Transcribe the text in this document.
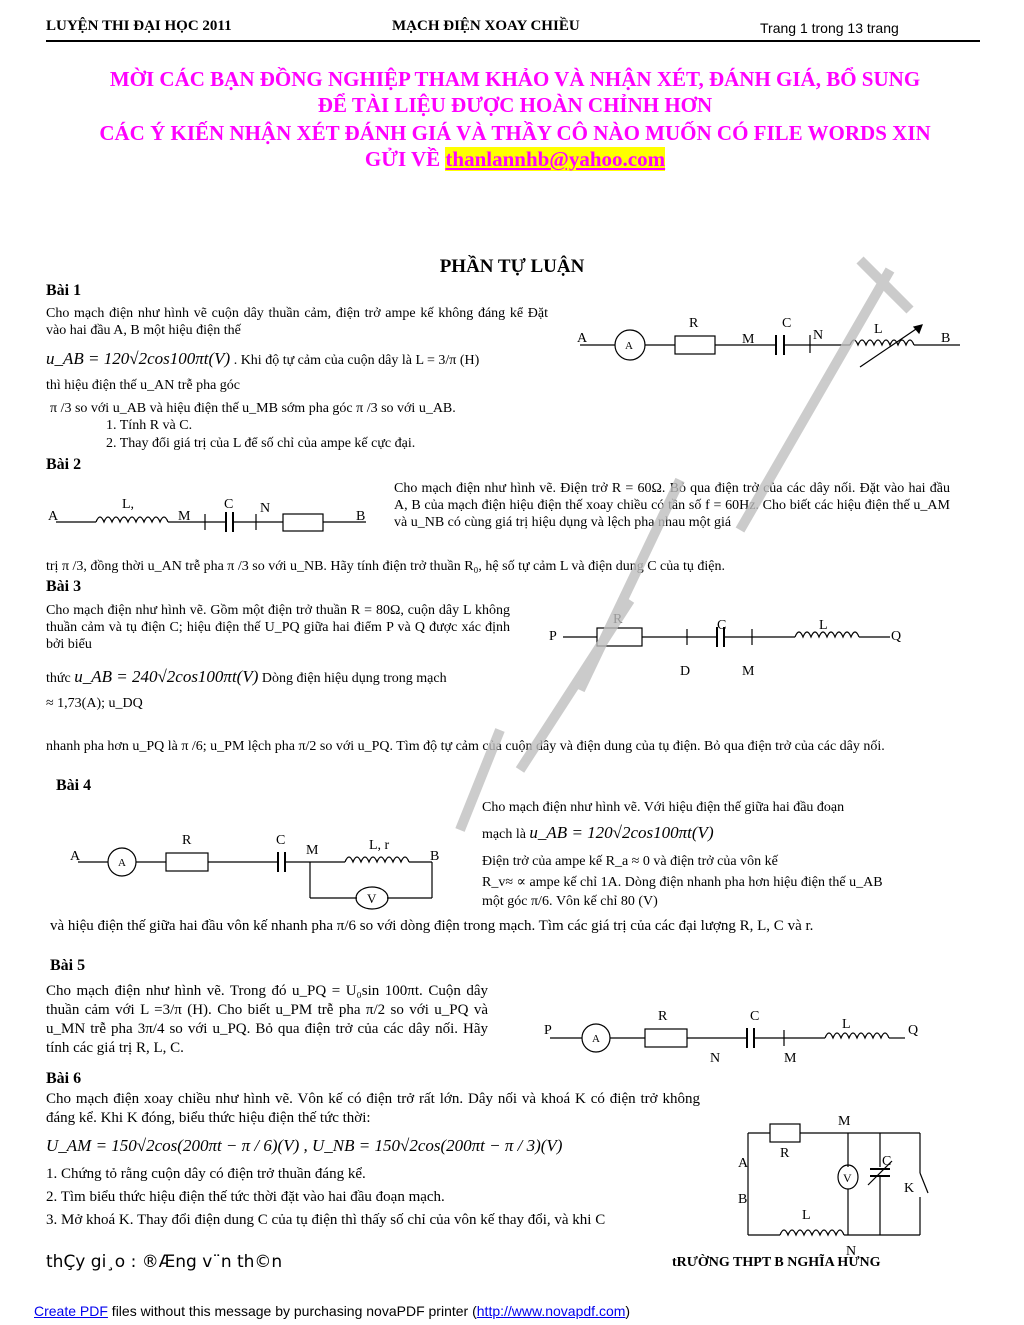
LUYỆN THI ĐẠI HỌC 2011	MẠCH ĐIỆN XOAY CHIỀU	Trang 1 trong 13 trang
MỜI CÁC BẠN ĐỒNG NGHIỆP THAM KHẢO VÀ NHẬN XÉT, ĐÁNH GIÁ, BỔ SUNG
ĐỂ TÀI LIỆU ĐƯỢC HOÀN CHỈNH HƠN
CÁC Ý KIẾN NHẬN XÉT ĐÁNH GIÁ VÀ THẦY CÔ NÀO MUỐN CÓ FILE WORDS XIN
GỬI VỀ thanlannhb@yahoo.com
PHẦN TỰ LUẬN
Bài 1
Cho mạch điện như hình vẽ cuộn dây thuần cảm, điện trở ampe kế không đáng kể Đặt vào hai đầu A, B một hiệu điện thế
u_AB = 120√2cos100πt(V) . Khi độ tự cảm của cuộn dây là L = 3/π (H)
thì hiệu điện thế u_AN trễ pha góc
π /3 so với u_AB và hiệu điện thế u_MB sớm pha góc π /3 so với u_AB.
1. Tính R và C.
2. Thay đổi giá trị của L để số chỉ của ampe kế cực đại.
A	A
R
M
C
N	L
B
Bài 2
A
L,
M
C N
B
Cho mạch điện như hình vẽ. Điện trở R = 60Ω. Bỏ qua điện trở của các dây nối. Đặt vào hai đầu A, B của mạch điện hiệu điện thế xoay chiều có tần số f = 60Hz. Cho biết các hiệu điện thế u_AM và u_NB có cùng giá trị hiệu dụng và lệch pha nhau một giá
trị π /3, đồng thời u_AN trễ pha π /3 so với u_NB. Hãy tính điện trở thuần R₀, hệ số tự cảm L và điện dung C của tụ điện.
Bài 3
Cho mạch điện như hình vẽ. Gồm một điện trở thuần R = 80Ω, cuộn dây L không thuần cảm và tụ điện C; hiệu điện thế U_PQ giữa hai điểm P và Q được xác định bởi biểu
thức u_AB = 240√2cos100πt(V) Dòng điện hiệu dụng trong mạch
≈ 1,73(A); u_DQ
P
R	C	L
Q
D	M
nhanh pha hơn u_PQ là π /6; u_PM lệch pha π/2 so với u_PQ. Tìm độ tự cảm của cuộn dây và điện dung của tụ điện. Bỏ qua điện trở của các dây nối.
Bài 4
Cho mạch điện như hình vẽ. Với hiệu điện thế giữa hai đầu đoạn
mạch là u_AB = 120√2cos100πt(V)
Điện trở của ampe kế R_a ≈ 0 và điện trở của vôn kế
R_v≈ ∝ ampe kế chỉ 1A. Dòng điện nhanh pha hơn hiệu điện thế u_AB
một góc π/6. Vôn kế chỉ 80 (V)
A	A
R	C
M	L, r
B
V
và hiệu điện thế giữa hai đầu vôn kế nhanh pha π/6 so với dòng điện trong mạch. Tìm các giá trị của các đại lượng R, L, C và r.
Bài 5
Cho mạch điện như hình vẽ. Trong đó u_PQ = U₀sin 100πt. Cuộn dây thuần cảm với L =3/π (H). Cho biết u_PM trễ pha π/2 so với u_PQ và u_MN trễ pha 3π/4 so với u_PQ. Bỏ qua điện trở của các dây nối. Hãy tính các giá trị R, L, C.
P
A
R	C
L	Q
N	M
Bài 6
Cho mạch điện xoay chiều như hình vẽ. Vôn kế có điện trở rất lớn. Dây nối và khoá K có điện trở không đáng kể. Khi K đóng, biểu thức hiệu điện thế tức thời:
U_AM = 150√2cos(200πt − π / 6)(V) , U_NB = 150√2cos(200πt − π / 3)(V)
1. Chứng tỏ rằng cuộn dây có điện trở thuần đáng kể.
2. Tìm biểu thức hiệu điện thế tức thời đặt vào hai đầu đoạn mạch.
3. Mở khoá K. Thay đổi điện dung C của tụ điện thì thấy số chỉ của vôn kế thay đổi, và khi C
M
A
R
C
V
K
B
L
N
thÇy gi¸o : ®Æng v¨n th©n	tRƯỜNG THPT B NGHĨA HƯNG
Create PDF files without this message by purchasing novaPDF printer (http://www.novapdf.com)
